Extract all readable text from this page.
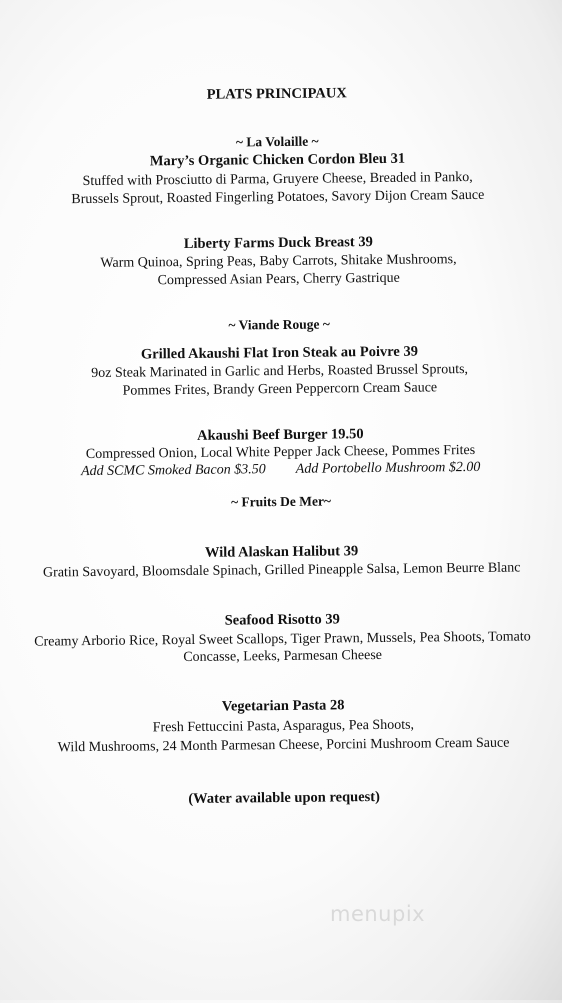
PLATS PRINCIPAUX
~ La Volaille ~
Mary’s Organic Chicken Cordon Bleu 31
Stuffed with Prosciutto di Parma, Gruyere Cheese, Breaded in Panko,
Brussels Sprout, Roasted Fingerling Potatoes, Savory Dijon Cream Sauce
Liberty Farms Duck Breast 39
Warm Quinoa, Spring Peas, Baby Carrots, Shitake Mushrooms,
Compressed Asian Pears, Cherry Gastrique
~ Viande Rouge ~
Grilled Akaushi Flat Iron Steak au Poivre 39
9oz Steak Marinated in Garlic and Herbs, Roasted Brussel Sprouts,
Pommes Frites, Brandy Green Peppercorn Cream Sauce
Akaushi Beef Burger 19.50
Compressed Onion, Local White Pepper Jack Cheese, Pommes Frites
Add SCMC Smoked Bacon $3.50 Add Portobello Mushroom $2.00
~ Fruits De Mer~
Wild Alaskan Halibut 39
Gratin Savoyard, Bloomsdale Spinach, Grilled Pineapple Salsa, Lemon Beurre Blanc
Seafood Risotto 39
Creamy Arborio Rice, Royal Sweet Scallops, Tiger Prawn, Mussels, Pea Shoots, Tomato
Concasse, Leeks, Parmesan Cheese
Vegetarian Pasta 28
Fresh Fettuccini Pasta, Asparagus, Pea Shoots,
Wild Mushrooms, 24 Month Parmesan Cheese, Porcini Mushroom Cream Sauce
(Water available upon request)
menupix
